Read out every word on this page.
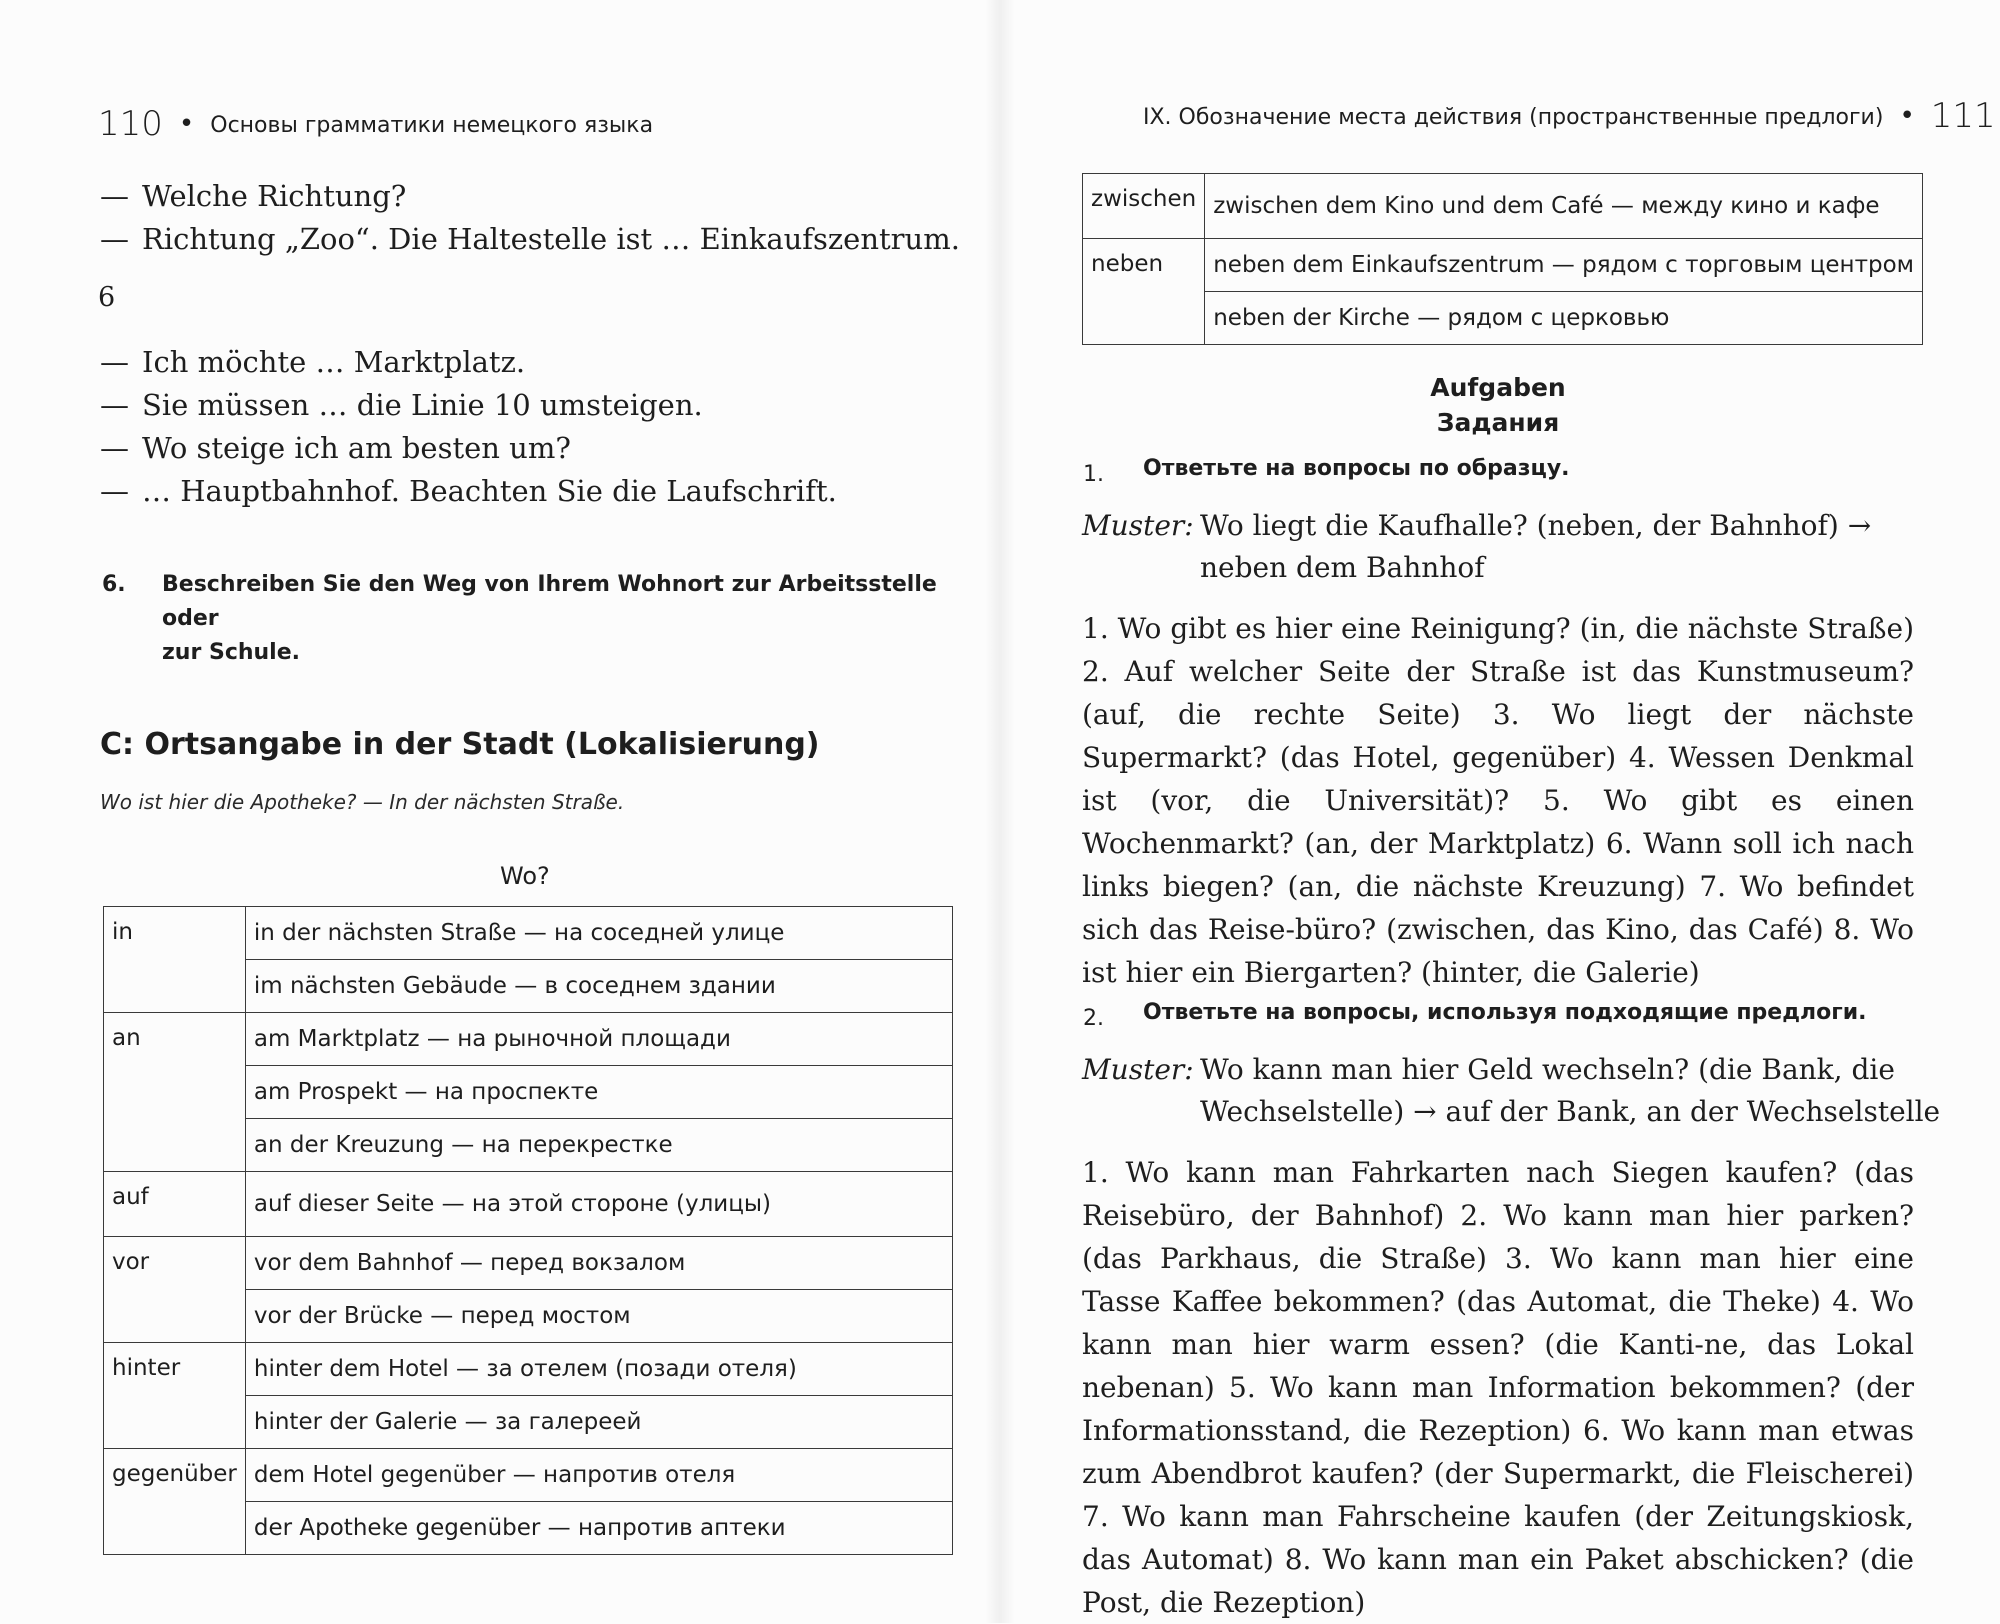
110 • Основы грамматики немецкого языка
— Welche Richtung?
— Richtung „Zoo“. Die Haltestelle ist … Einkaufszentrum.
6
— Ich möchte … Marktplatz.
— Sie müssen … die Linie 10 umsteigen.
— Wo steige ich am besten um?
— … Hauptbahnhof. Beachten Sie die Laufschrift.
6. Beschreiben Sie den Weg von Ihrem Wohnort zur Arbeitsstelle oder
zur Schule.
C: Ortsangabe in der Stadt (Lokalisierung)
Wo ist hier die Apotheke? — In der nächsten Straße.
Wo?
in	in der nächsten Straße — на соседней улице
	im nächsten Gebäude — в соседнем здании
an	am Marktplatz — на рыночной площади
	am Prospekt — на проспекте
	an der Kreuzung — на перекрестке
auf	auf dieser Seite — на этой стороне (улицы)
vor	vor dem Bahnhof — перед вокзалом
	vor der Brücke — перед мостом
hinter	hinter dem Hotel — за отелем (позади отеля)
	hinter der Galerie — за галереей
gegenüber	dem Hotel gegenüber — напротив отеля
	der Apotheke gegenüber — напротив аптеки
IX. Обозначение места действия (пространственные предлоги) • 111
zwischen	zwischen dem Kino und dem Café — между кино и кафе
neben	neben dem Einkaufszentrum — рядом с торговым центром
	neben der Kirche — рядом с церковью
Aufgaben
Задания
1. Ответьте на вопросы по образцу.
Muster: Wo liegt die Kaufhalle? (neben, der Bahnhof) →
neben dem Bahnhof
1. Wo gibt es hier eine Reinigung? (in, die nächste Straße) 2. Auf welcher Seite der Straße ist das Kunstmuseum? (auf, die rechte Seite) 3. Wo liegt der nächste Supermarkt? (das Hotel, gegenüber) 4. Wessen Denkmal ist (vor, die Universität)? 5. Wo gibt es einen Wochenmarkt? (an, der Marktplatz) 6. Wann soll ich nach links biegen? (an, die nächste Kreuzung) 7. Wo befindet sich das Reise-büro? (zwischen, das Kino, das Café) 8. Wo ist hier ein Biergarten? (hinter, die Galerie)
2. Ответьте на вопросы, используя подходящие предлоги.
Muster: Wo kann man hier Geld wechseln? (die Bank, die
Wechselstelle) → auf der Bank, an der Wechselstelle
1. Wo kann man Fahrkarten nach Siegen kaufen? (das Reisebüro, der Bahnhof) 2. Wo kann man hier parken? (das Parkhaus, die Straße) 3. Wo kann man hier eine Tasse Kaffee bekommen? (das Automat, die Theke) 4. Wo kann man hier warm essen? (die Kanti-ne, das Lokal nebenan) 5. Wo kann man Information bekommen? (der Informationsstand, die Rezeption) 6. Wo kann man etwas zum Abendbrot kaufen? (der Supermarkt, die Fleischerei) 7. Wo kann man Fahrscheine kaufen (der Zeitungskiosk, das Automat) 8. Wo kann man ein Paket abschicken? (die Post, die Rezeption)
